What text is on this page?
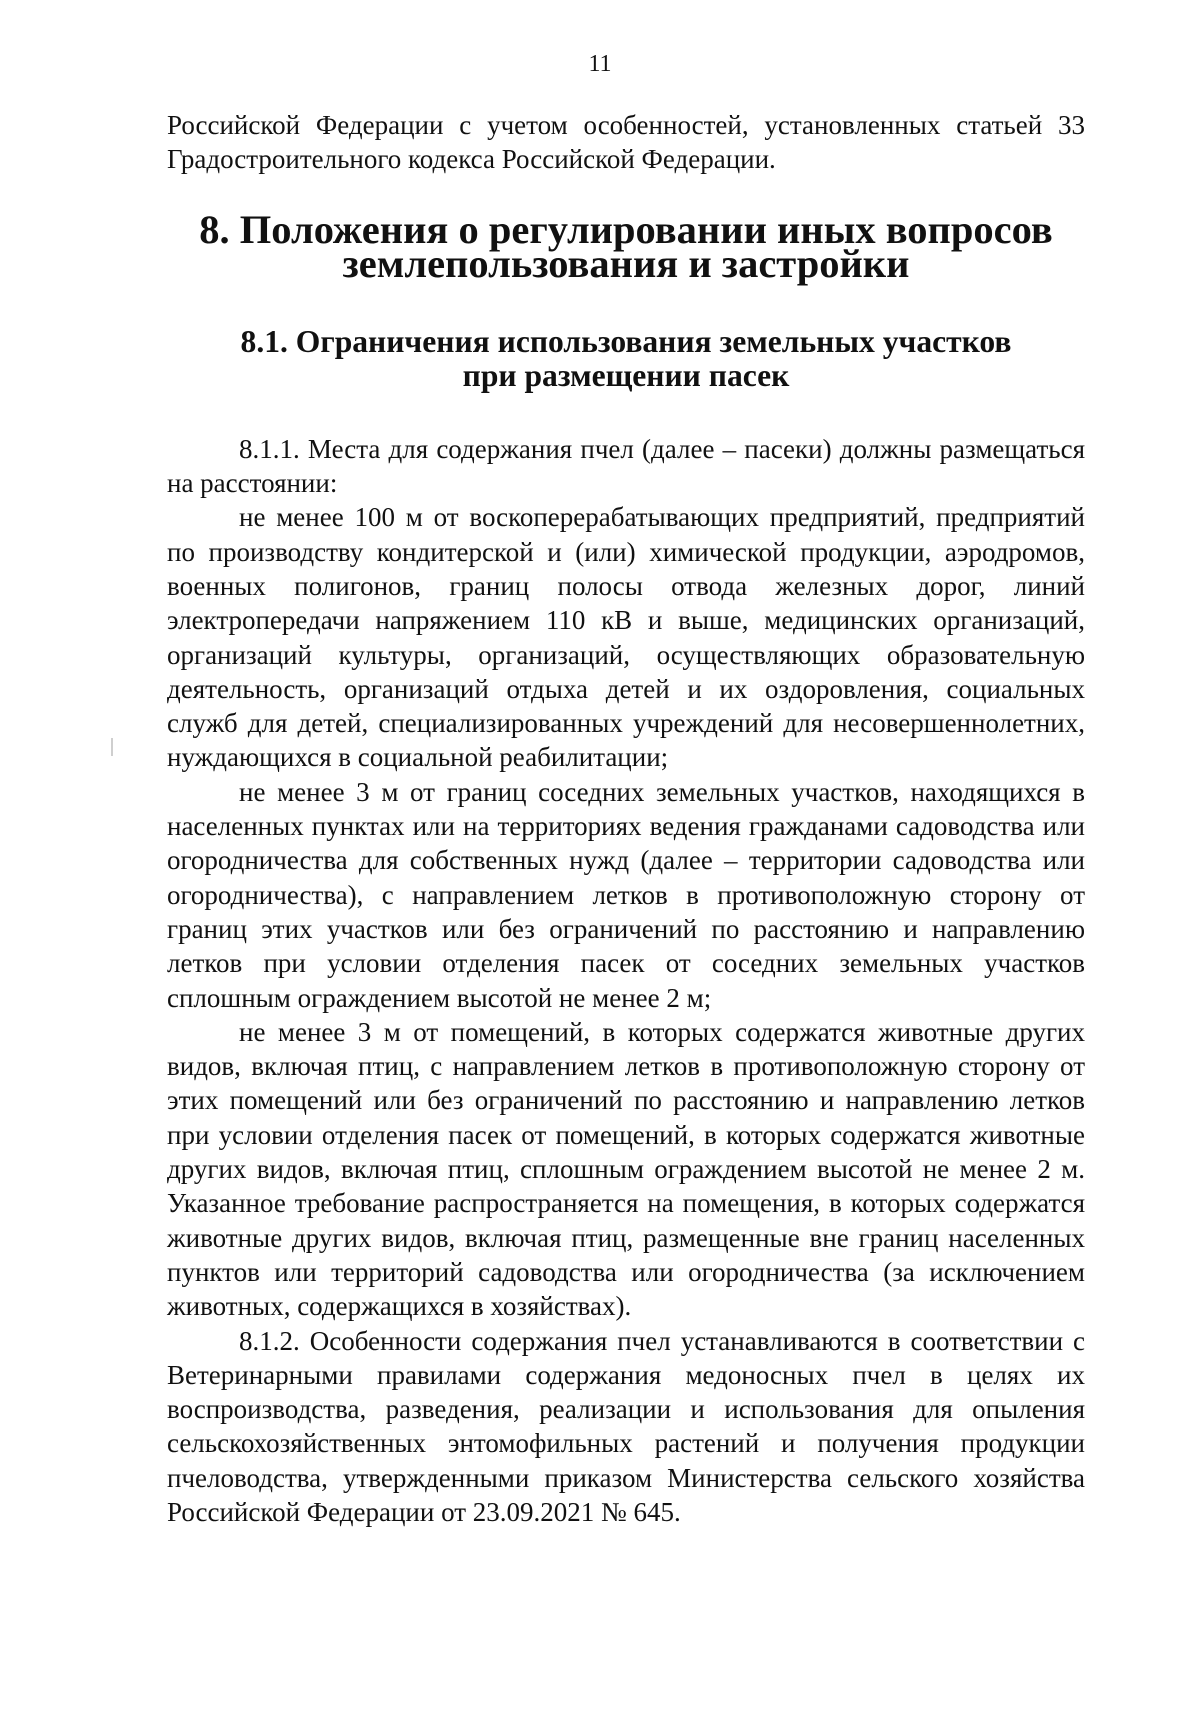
11

Российской Федерации с учетом особенностей, установленных статьей 33 Градостроительного кодекса Российской Федерации.

8. Положения о регулировании иных вопросов
землепользования и застройки
8.1. Ограничения использования земельных участков
при размещении пасек

8.1.1. Места для содержания пчел (далее – пасеки) должны размещаться на расстоянии:

не менее 100 м от воскоперерабатывающих предприятий, предприятий по производству кондитерской и (или) химической продукции, аэродромов, военных полигонов, границ полосы отвода железных дорог, линий электропередачи напряжением 110 кВ и выше, медицинских организаций, организаций культуры, организаций, осуществляющих образовательную деятельность, организаций отдыха детей и их оздоровления, социальных служб для детей, специализированных учреждений для несовершеннолетних, нуждающихся в социальной реабилитации;

не менее 3 м от границ соседних земельных участков, находящихся в населенных пунктах или на территориях ведения гражданами садоводства или огородничества для собственных нужд (далее – территории садоводства или огородничества), с направлением летков в противоположную сторону от границ этих участков или без ограничений по расстоянию и направлению летков при условии отделения пасек от соседних земельных участков сплошным ограждением высотой не менее 2 м;

не менее 3 м от помещений, в которых содержатся животные других видов, включая птиц, с направлением летков в противоположную сторону от этих помещений или без ограничений по расстоянию и направлению летков при условии отделения пасек от помещений, в которых содержатся животные других видов, включая птиц, сплошным ограждением высотой не менее 2 м. Указанное требование распространяется на помещения, в которых содержатся животные других видов, включая птиц, размещенные вне границ населенных пунктов или территорий садоводства или огородничества (за исключением животных, содержащихся в хозяйствах).

8.1.2. Особенности содержания пчел устанавливаются в соответствии с Ветеринарными правилами содержания медоносных пчел в целях их воспроизводства, разведения, реализации и использования для опыления сельскохозяйственных энтомофильных растений и получения продукции пчеловодства, утвержденными приказом Министерства сельского хозяйства Российской Федерации от 23.09.2021 № 645.
